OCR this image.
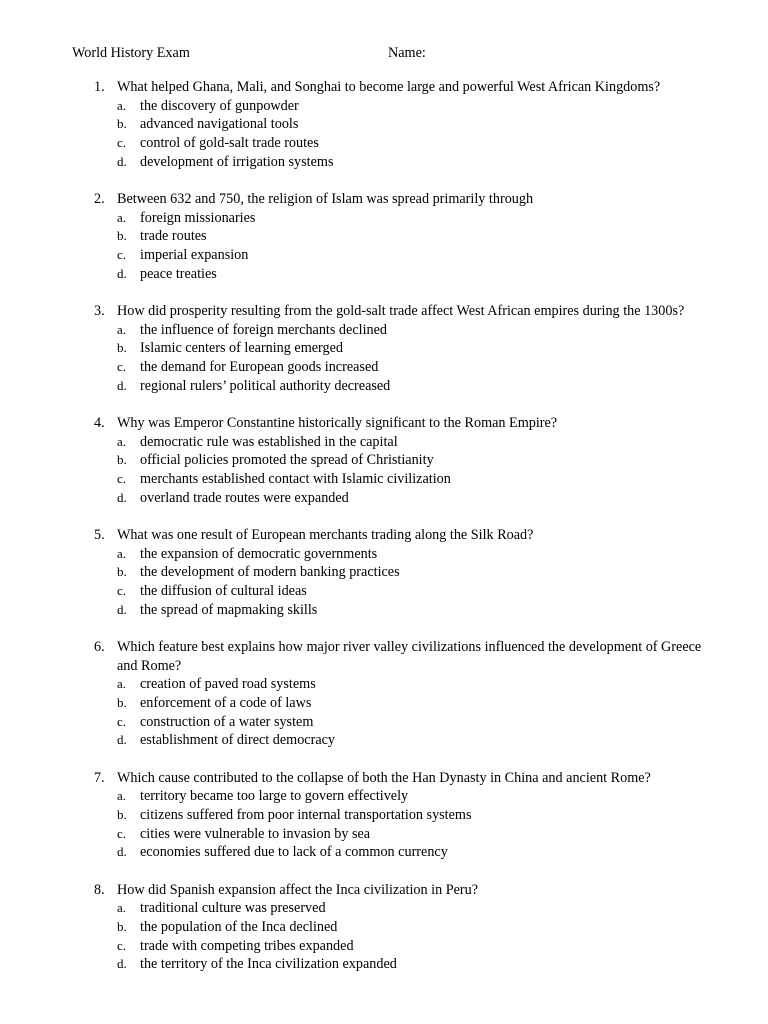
World History Exam	Name:
1. What helped Ghana, Mali, and Songhai to become large and powerful West African Kingdoms?
a. the discovery of gunpowder
b. advanced navigational tools
c. control of gold-salt trade routes
d. development of irrigation systems
2. Between 632 and 750, the religion of Islam was spread primarily through
a. foreign missionaries
b. trade routes
c. imperial expansion
d. peace treaties
3. How did prosperity resulting from the gold-salt trade affect West African empires during the 1300s?
a. the influence of foreign merchants declined
b. Islamic centers of learning emerged
c. the demand for European goods increased
d. regional rulers’ political authority decreased
4. Why was Emperor Constantine historically significant to the Roman Empire?
a. democratic rule was established in the capital
b. official policies promoted the spread of Christianity
c. merchants established contact with Islamic civilization
d. overland trade routes were expanded
5. What was one result of European merchants trading along the Silk Road?
a. the expansion of democratic governments
b. the development of modern banking practices
c. the diffusion of cultural ideas
d. the spread of mapmaking skills
6. Which feature best explains how major river valley civilizations influenced the development of Greece and Rome?
a. creation of paved road systems
b. enforcement of a code of laws
c. construction of a water system
d. establishment of direct democracy
7. Which cause contributed to the collapse of both the Han Dynasty in China and ancient Rome?
a. territory became too large to govern effectively
b. citizens suffered from poor internal transportation systems
c. cities were vulnerable to invasion by sea
d. economies suffered due to lack of a common currency
8. How did Spanish expansion affect the Inca civilization in Peru?
a. traditional culture was preserved
b. the population of the Inca declined
c. trade with competing tribes expanded
d. the territory of the Inca civilization expanded
